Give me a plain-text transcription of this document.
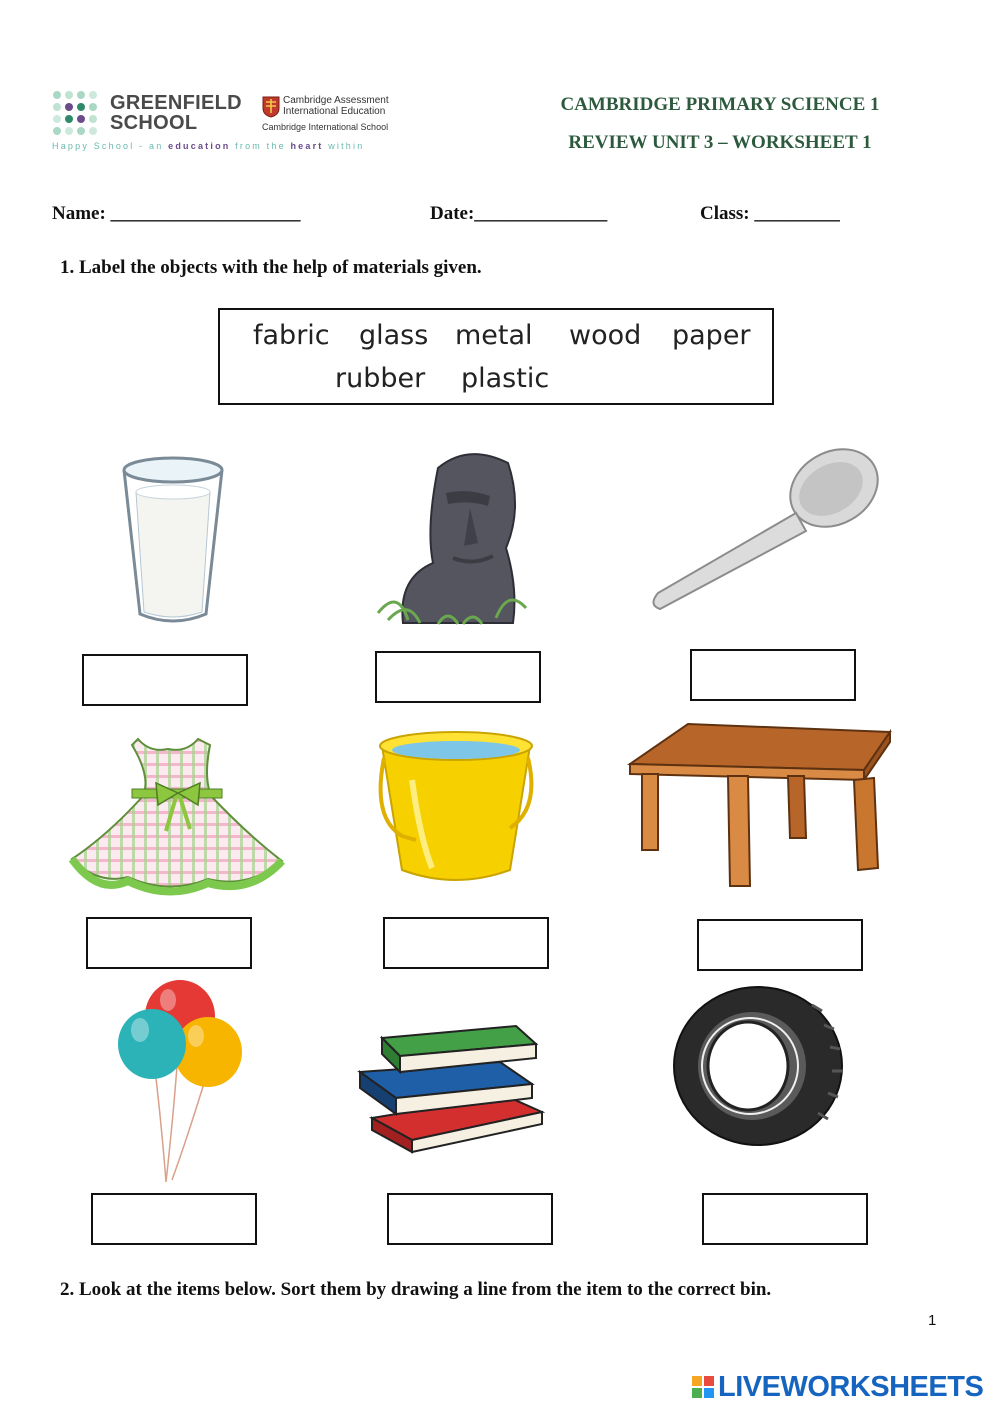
GREENFIELD
SCHOOL
Cambridge Assessment
International Education
Cambridge International School
Happy School - an education from the heart within
CAMBRIDGE PRIMARY SCIENCE 1
REVIEW UNIT 3 – WORKSHEET 1
Name: ____________________	Date:______________	Class: _________
1. Label the objects with the help of materials given.
fabric glass metal wood paper
rubber plastic
2. Look at the items below. Sort them by drawing a line from the item to the correct bin.
1
LIVEWORKSHEETS
